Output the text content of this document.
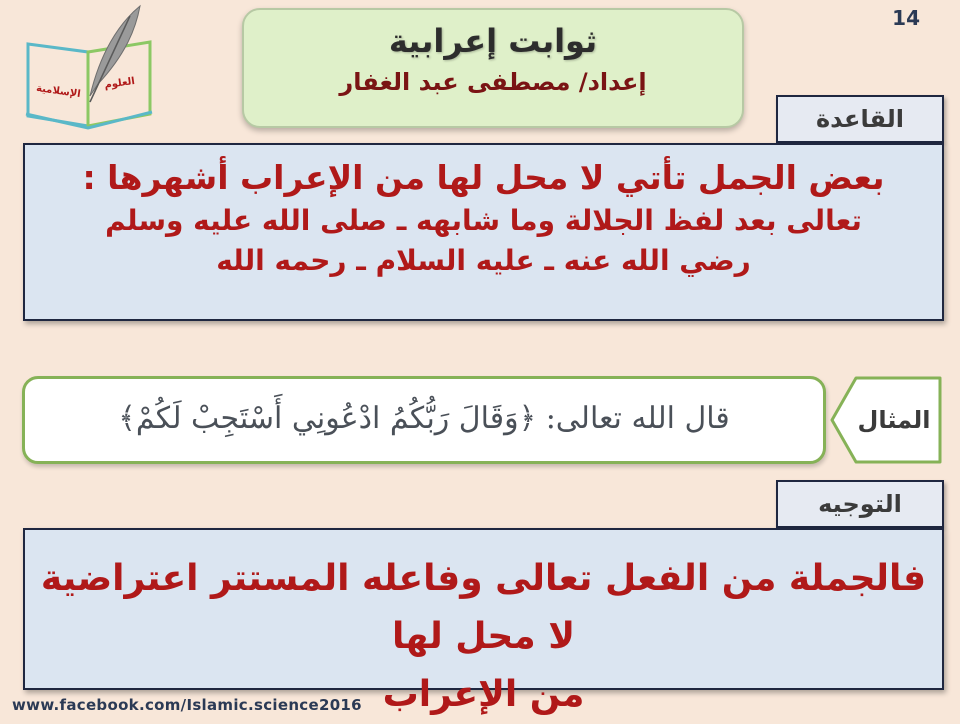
14
الإسلامية العلوم
ثوابت إعرابية
إعداد/ مصطفى عبد الغفار
القاعدة
بعض الجمل تأتي لا محل لها من الإعراب أشهرها :
تعالى بعد لفظ الجلالة وما شابهه ـ صلى الله عليه وسلم
رضي الله عنه ـ عليه السلام ـ رحمه الله
قال الله تعالى: ﴿وَقَالَ رَبُّكُمُ ادْعُونِي أَسْتَجِبْ لَكُمْ﴾	المثال
التوجيه
فالجملة من الفعل تعالى وفاعله المستتر اعتراضية لا محل لها
من الإعراب
www.facebook.com/Islamic.science2016
